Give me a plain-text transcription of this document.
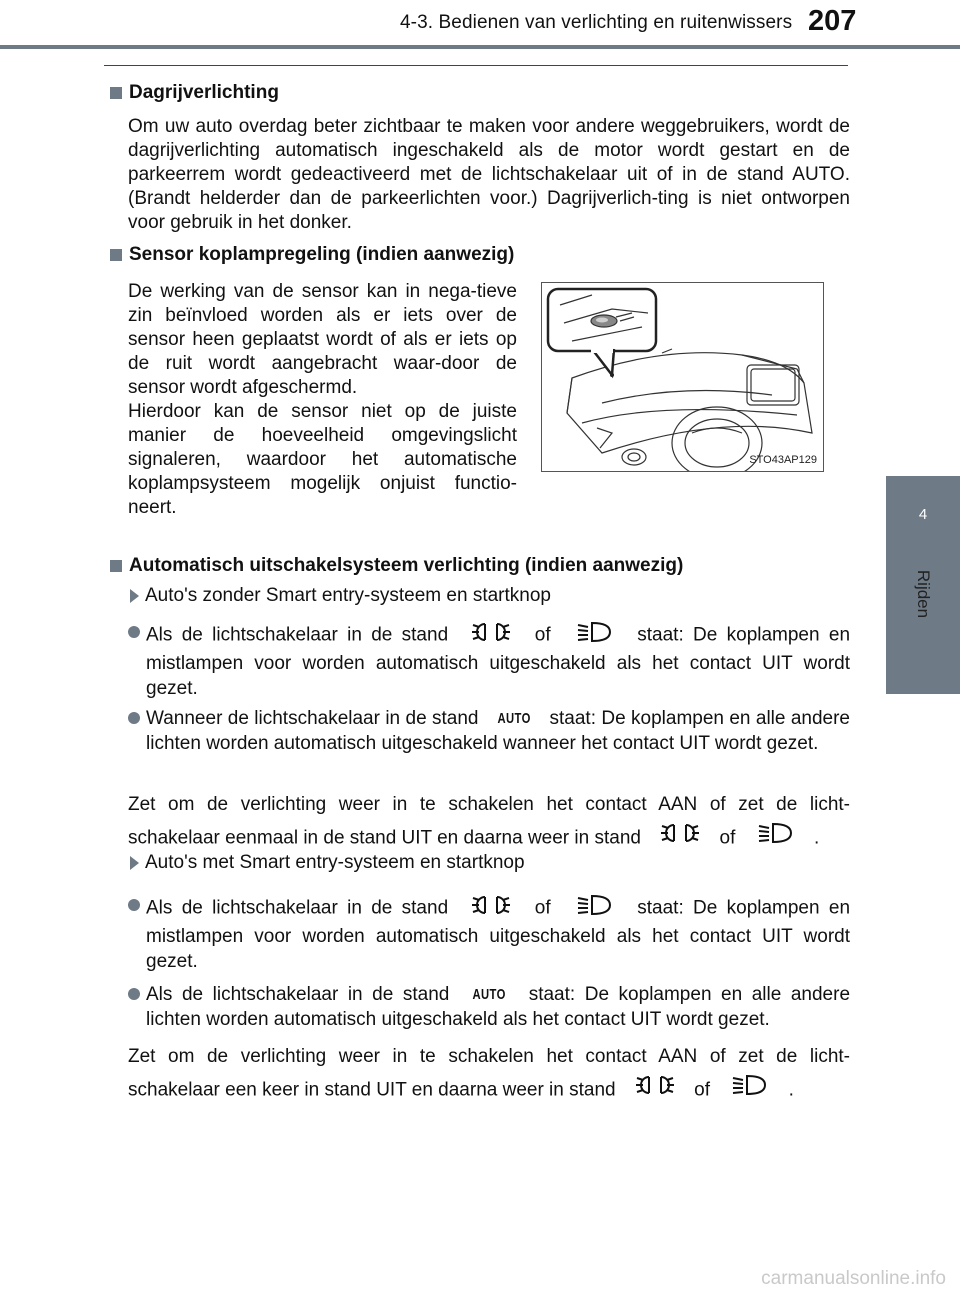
4-3. Bedienen van verlichting en ruitenwissers 207
4
Rijden
Dagrijverlichting
Om uw auto overdag beter zichtbaar te maken voor andere weggebruikers, wordt de dagrijverlichting automatisch ingeschakeld als de motor wordt gestart en de parkeerrem wordt gedeactiveerd met de lichtschakelaar uit of in de stand AUTO. (Brandt helderder dan de parkeerlichten voor.) Dagrijverlich-ting is niet ontworpen voor gebruik in het donker.
Sensor koplampregeling (indien aanwezig)
De werking van de sensor kan in nega-tieve zin beïnvloed worden als er iets over de sensor heen geplaatst wordt of als er iets op de ruit wordt aangebracht waar-door de sensor wordt afgeschermd.
Hierdoor kan de sensor niet op de juiste manier de hoeveelheid omgevingslicht signaleren, waardoor het automatische koplampsysteem mogelijk onjuist functio-neert.
STO43AP129
Automatisch uitschakelsysteem verlichting (indien aanwezig)
Auto's zonder Smart entry-systeem en startknop
Als de lichtschakelaar in de stand	of	staat: De koplampen en mistlampen voor worden automatisch uitgeschakeld als het contact UIT wordt gezet.
Wanneer de lichtschakelaar in de stand AUTO staat: De koplampen en alle andere lichten worden automatisch uitgeschakeld wanneer het contact UIT wordt gezet.
Zet om de verlichting weer in te schakelen het contact AAN of zet de licht-
schakelaar eenmaal in de stand UIT en daarna weer in stand	of	.
Auto's met Smart entry-systeem en startknop
Als de lichtschakelaar in de stand	of	staat: De koplampen en mistlampen voor worden automatisch uitgeschakeld als het contact UIT wordt gezet.
Als de lichtschakelaar in de stand AUTO staat: De koplampen en alle andere lichten worden automatisch uitgeschakeld als het contact UIT wordt gezet.
Zet om de verlichting weer in te schakelen het contact AAN of zet de licht-
schakelaar een keer in stand UIT en daarna weer in stand	of	.
carmanualsonline.info
